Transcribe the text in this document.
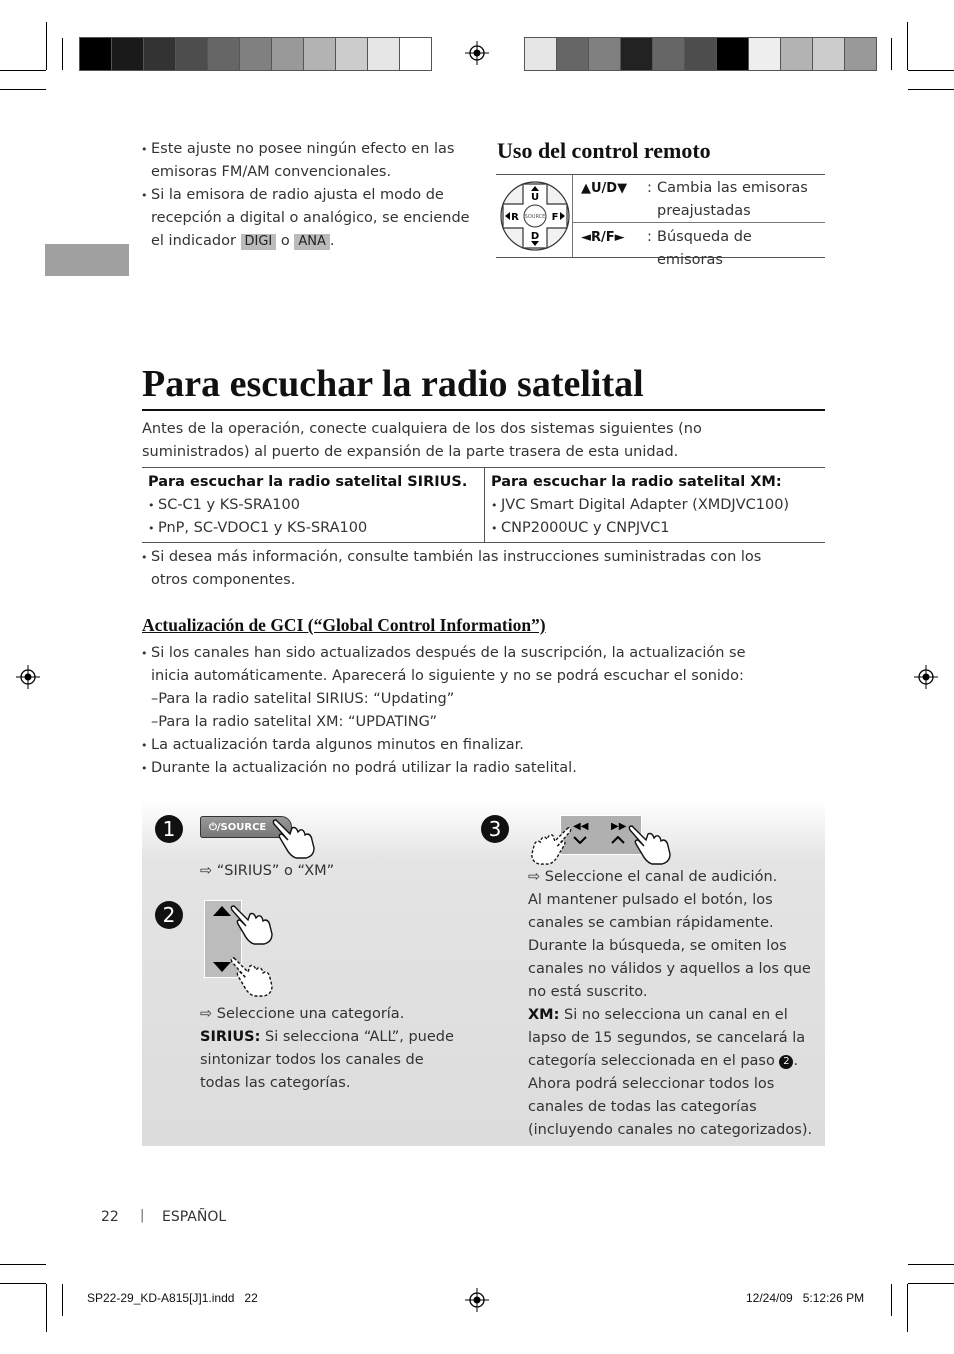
• Este ajuste no posee ningún efecto en las emisoras FM/AM convencionales.
• Si la emisora de radio ajusta el modo de recepción a digital o analógico, se enciende el indicador DIGI o ANA .
Uso del control remoto
U
D
R	F
SOURCE
▲U/D▼ : Cambia las emisoras preajustadas
◄R/F► : Búsqueda de emisoras
Para escuchar la radio satelital
Antes de la operación, conecte cualquiera de los dos sistemas siguientes (no suministrados) al puerto de expansión de la parte trasera de esta unidad.
Para escuchar la radio satelital SIRIUS.
• SC-C1 y KS-SRA100
• PnP, SC-VDOC1 y KS-SRA100

Para escuchar la radio satelital XM:
• JVC Smart Digital Adapter (XMDJVC100)
• CNP2000UC y CNPJVC1
• Si desea más información, consulte también las instrucciones suministradas con los otros componentes.
Actualización de GCI (“Global Control Information”)
• Si los canales han sido actualizados después de la suscripción, la actualización se inicia automáticamente. Aparecerá lo siguiente y no se podrá escuchar el sonido:
–Para la radio satelital SIRIUS: “Updating”
–Para la radio satelital XM: “UPDATING”
• La actualización tarda algunos minutos en finalizar.
• Durante la actualización no podrá utilizar la radio satelital.
1	⏻/SOURCE
⇨ “SIRIUS” o “XM”
2
⇨ Seleccione una categoría.
SIRIUS: Si selecciona “ALL”, puede sintonizar todos los canales de todas las categorías.
3	◀◀ ▶▶
⇨ Seleccione el canal de audición.
Al mantener pulsado el botón, los canales se cambian rápidamente.
Durante la búsqueda, se omiten los canales no válidos y aquellos a los que no está suscrito.
XM: Si no selecciona un canal en el lapso de 15 segundos, se cancelará la categoría seleccionada en el paso 2 . Ahora podrá seleccionar todos los canales de todas las categorías (incluyendo canales no categorizados).
22 | ESPAÑOL
SP22-29_KD-A815[J]1.indd   22	12/24/09   5:12:26 PM
